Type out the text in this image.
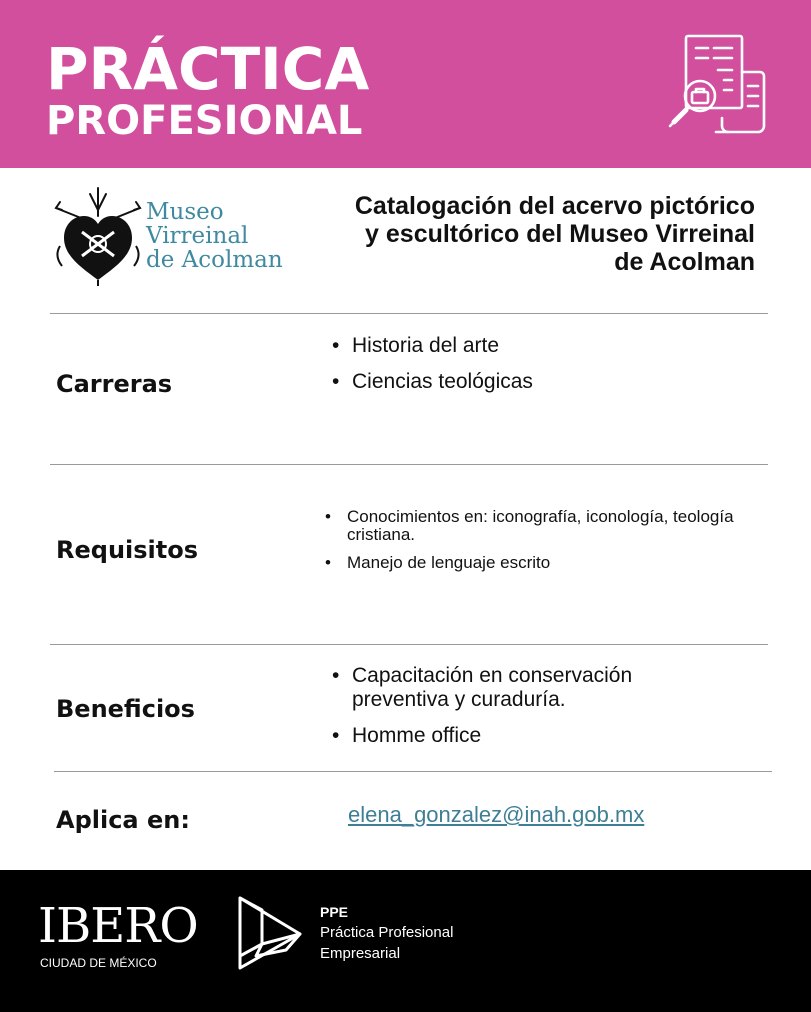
PRÁCTICA
PROFESIONAL
Museo
Virreinal
de Acolman
Catalogación del acervo pictórico y escultórico del Museo Virreinal de Acolman
Carreras
• Historia del arte
• Ciencias teológicas
Requisitos
• Conocimientos en: iconografía, iconología, teología cristiana.
• Manejo de lenguaje escrito
Beneficios
• Capacitación en conservación preventiva y curaduría.
• Homme office
Aplica en:	elena_gonzalez@inah.gob.mx
IBERO
CIUDAD DE MÉXICO
PPE
Práctica Profesional
Empresarial
